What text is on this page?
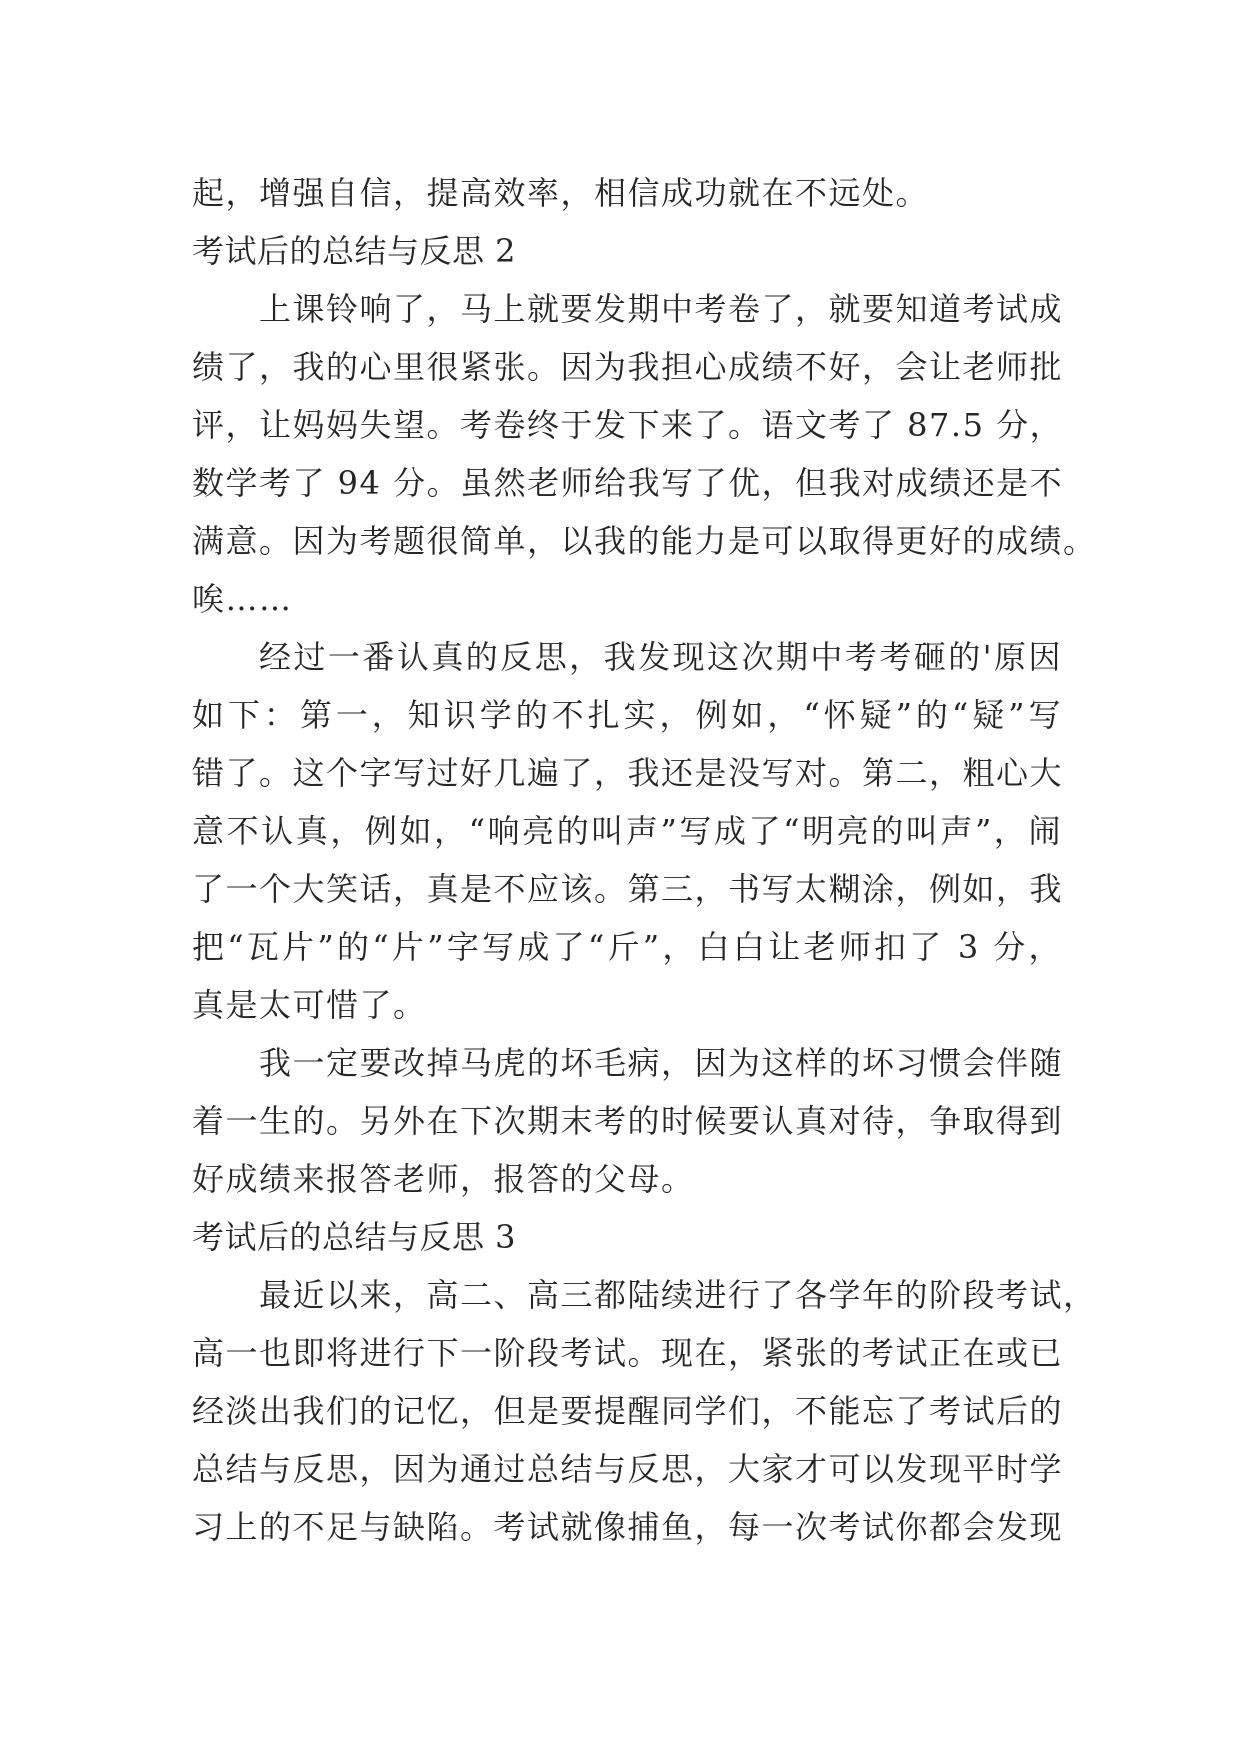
起，增强自信，提高效率，相信成功就在不远处。
考试后的总结与反思 2
上课铃响了，马上就要发期中考卷了，就要知道考试成
绩了，我的心里很紧张。因为我担心成绩不好，会让老师批
评，让妈妈失望。考卷终于发下来了。语文考了 87.5 分，
数学考了 94 分。虽然老师给我写了优，但我对成绩还是不
满意。因为考题很简单，以我的能力是可以取得更好的成绩。
唉……
经过一番认真的反思，我发现这次期中考考砸的'原因
如下：第一，知识学的不扎实，例如，“怀疑”的“疑”写
错了。这个字写过好几遍了，我还是没写对。第二，粗心大
意不认真，例如，“响亮的叫声”写成了“明亮的叫声”，闹
了一个大笑话，真是不应该。第三，书写太糊涂，例如，我
把“瓦片”的“片”字写成了“斤”，白白让老师扣了 3 分，
真是太可惜了。
我一定要改掉马虎的坏毛病，因为这样的坏习惯会伴随
着一生的。另外在下次期末考的时候要认真对待，争取得到
好成绩来报答老师，报答的父母。
考试后的总结与反思 3
最近以来，高二、高三都陆续进行了各学年的阶段考试，
高一也即将进行下一阶段考试。现在，紧张的考试正在或已
经淡出我们的记忆，但是要提醒同学们，不能忘了考试后的
总结与反思，因为通过总结与反思，大家才可以发现平时学
习上的不足与缺陷。考试就像捕鱼，每一次考试你都会发现
